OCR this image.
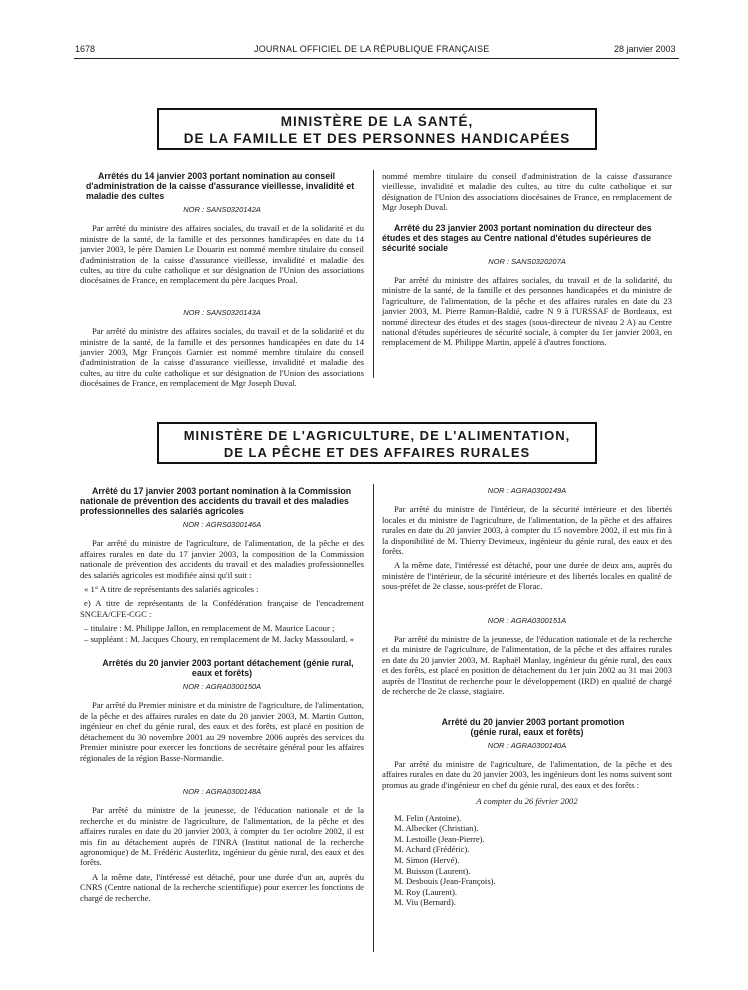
1678	JOURNAL OFFICIEL DE LA RÉPUBLIQUE FRANÇAISE	28 janvier 2003
MINISTÈRE DE LA SANTÉ,
DE LA FAMILLE ET DES PERSONNES HANDICAPÉES

Arrêtés du 14 janvier 2003 portant nomination au conseil d'administration de la caisse d'assurance vieillesse, invalidité et maladie des cultes

NOR : SANS0320142A

Par arrêté du ministre des affaires sociales, du travail et de la solidarité et du ministre de la santé, de la famille et des personnes handicapées en date du 14 janvier 2003, le père Damien Le Douarin est nommé membre titulaire du conseil d'administration de la caisse d'assurance vieillesse, invalidité et maladie des cultes, au titre du culte catholique et sur désignation de l'Union des associations diocésaines de France, en remplacement du père Jacques Proal.

NOR : SANS0320143A

Par arrêté du ministre des affaires sociales, du travail et de la solidarité et du ministre de la santé, de la famille et des personnes handicapées en date du 14 janvier 2003, Mgr François Garnier est nommé membre titulaire du conseil d'administration de la caisse d'assurance vieillesse, invalidité et maladie des cultes, au titre du culte catholique et sur désignation de l'Union des associations diocésaines de France, en remplacement de Mgr Joseph Duval.

nommé membre titulaire du conseil d'administration de la caisse d'assurance vieillesse, invalidité et maladie des cultes, au titre du culte catholique et sur désignation de l'Union des associations diocésaines de France, en remplacement de Mgr Joseph Duval.

Arrêté du 23 janvier 2003 portant nomination du directeur des études et des stages au Centre national d'études supérieures de sécurité sociale

NOR : SANS0320207A

Par arrêté du ministre des affaires sociales, du travail et de la solidarité, du ministre de la santé, de la famille et des personnes handicapées et du ministre de l'agriculture, de l'alimentation, de la pêche et des affaires rurales en date du 23 janvier 2003, M. Pierre Ramon-Baldié, cadre N 9 à l'URSSAF de Bordeaux, est nommé directeur des études et des stages (sous-directeur de niveau 2 A) au Centre national d'études supérieures de sécurité sociale, à compter du 1er janvier 2003, en remplacement de M. Philippe Martin, appelé à d'autres fonctions.

MINISTÈRE DE L'AGRICULTURE, DE L'ALIMENTATION,
DE LA PÊCHE ET DES AFFAIRES RURALES

Arrêté du 17 janvier 2003 portant nomination à la Commission nationale de prévention des accidents du travail et des maladies professionnelles des salariés agricoles

NOR : AGRS0300146A

Par arrêté du ministre de l'agriculture, de l'alimentation, de la pêche et des affaires rurales en date du 17 janvier 2003, la composition de la Commission nationale de prévention des accidents du travail et des maladies professionnelles des salariés agricoles est modifiée ainsi qu'il suit :

« 1° A titre de représentants des salariés agricoles :

e) A titre de représentants de la Confédération française de l'encadrement SNCEA/CFE-CGC :

– titulaire : M. Philippe Jallon, en remplacement de M. Maurice Lacour ;
– suppléant : M. Jacques Choury, en remplacement de M. Jacky Massoulard. »

Arrêtés du 20 janvier 2003 portant détachement (génie rural, eaux et forêts)

NOR : AGRA0300150A

Par arrêté du Premier ministre et du ministre de l'agriculture, de l'alimentation, de la pêche et des affaires rurales en date du 20 janvier 2003, M. Martin Gutton, ingénieur en chef du génie rural, des eaux et des forêts, est placé en position de détachement du 30 novembre 2001 au 29 novembre 2006 auprès des services du Premier ministre pour exercer les fonctions de secrétaire général pour les affaires régionales de la région Basse-Normandie.

NOR : AGRA0300148A

Par arrêté du ministre de la jeunesse, de l'éducation nationale et de la recherche et du ministre de l'agriculture, de l'alimentation, de la pêche et des affaires rurales en date du 20 janvier 2003, à compter du 1er octobre 2002, il est mis fin au détachement auprès de l'INRA (Institut national de la recherche agronomique) de M. Frédéric Austerlitz, ingénieur du génie rural, des eaux et des forêts.

A la même date, l'intéressé est détaché, pour une durée d'un an, auprès du CNRS (Centre national de la recherche scientifique) pour exercer les fonctions de chargé de recherche.

NOR : AGRA0300149A

Par arrêté du ministre de l'intérieur, de la sécurité intérieure et des libertés locales et du ministre de l'agriculture, de l'alimentation, de la pêche et des affaires rurales en date du 20 janvier 2003, à compter du 15 novembre 2002, il est mis fin à la disponibilité de M. Thierry Devimeux, ingénieur du génie rural, des eaux et des forêts.

A la même date, l'intéressé est détaché, pour une durée de deux ans, auprès du ministère de l'intérieur, de la sécurité intérieure et des libertés locales en qualité de sous-préfet de 2e classe, sous-préfet de Florac.

NOR : AGRA0300151A

Par arrêté du ministre de la jeunesse, de l'éducation nationale et de la recherche et du ministre de l'agriculture, de l'alimentation, de la pêche et des affaires rurales en date du 20 janvier 2003, M. Raphaël Manlay, ingénieur du génie rural, des eaux et des forêts, est placé en position de détachement du 1er juin 2002 au 31 mai 2003 auprès de l'Institut de recherche pour le développement (IRD) en qualité de chargé de recherche de 2e classe, stagiaire.

Arrêté du 20 janvier 2003 portant promotion (génie rural, eaux et forêts)

NOR : AGRA0300140A

Par arrêté du ministre de l'agriculture, de l'alimentation, de la pêche et des affaires rurales en date du 20 janvier 2003, les ingénieurs dont les noms suivent sont promus au grade d'ingénieur en chef du génie rural, des eaux et des forêts :

A compter du 26 février 2002
M. Felin (Antoine).
M. Albecker (Christian).
M. Lestoille (Jean-Pierre).
M. Achard (Frédéric).
M. Simon (Hervé).
M. Buisson (Laurent).
M. Desbouis (Jean-François).
M. Roy (Laurent).
M. Viu (Bernard).
